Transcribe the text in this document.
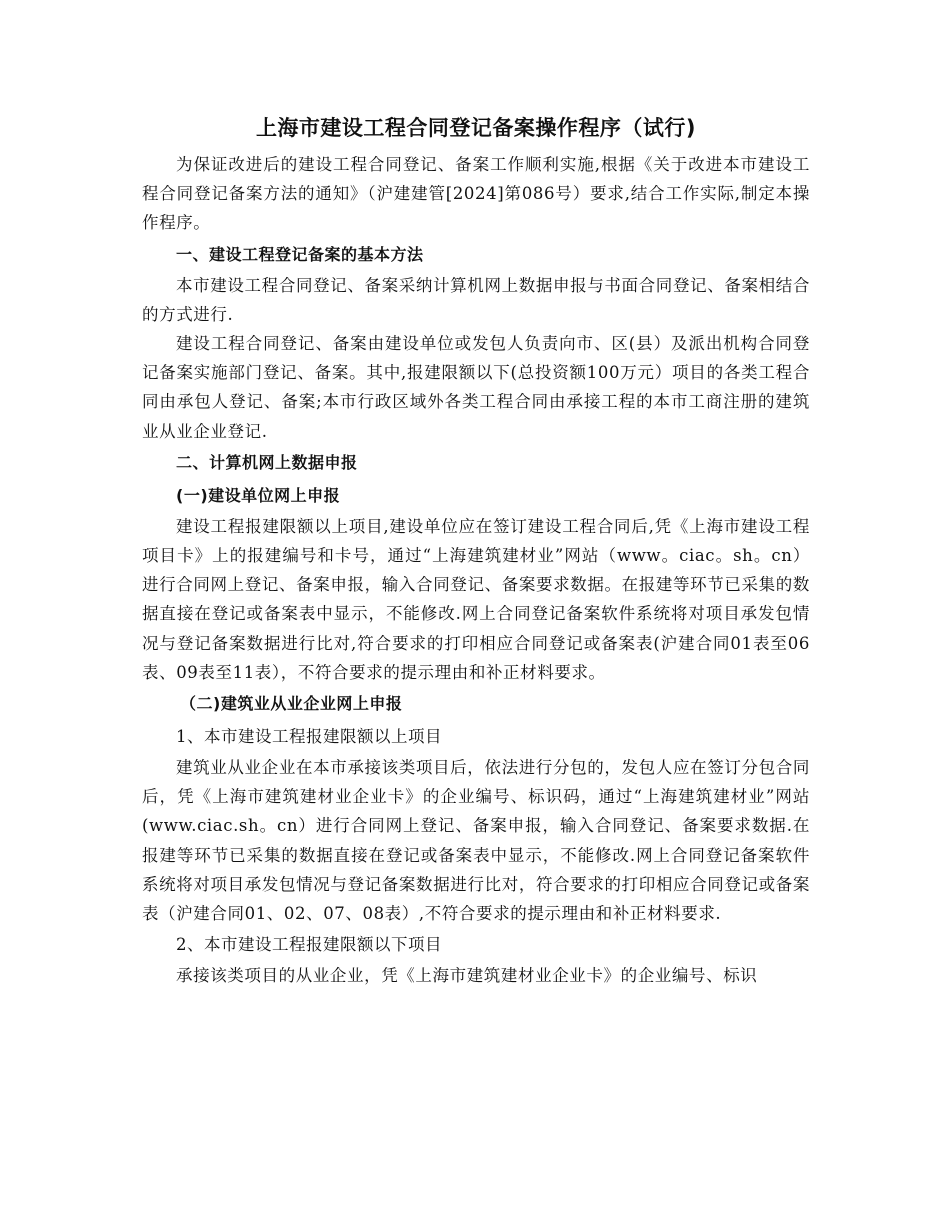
上海市建设工程合同登记备案操作程序（试行)

为保证改进后的建设工程合同登记、备案工作顺利实施,根据《关于改进本市建设工程合同登记备案方法的通知》（沪建建管[2024]第086号）要求,结合工作实际,制定本操作程序。

一、建设工程登记备案的基本方法

本市建设工程合同登记、备案采纳计算机网上数据申报与书面合同登记、备案相结合的方式进行.

建设工程合同登记、备案由建设单位或发包人负责向市、区(县）及派出机构合同登记备案实施部门登记、备案。其中,报建限额以下(总投资额100万元）项目的各类工程合同由承包人登记、备案;本市行政区域外各类工程合同由承接工程的本市工商注册的建筑业从业企业登记.

二、计算机网上数据申报

(一)建设单位网上申报

建设工程报建限额以上项目,建设单位应在签订建设工程合同后,凭《上海市建设工程项目卡》上的报建编号和卡号，通过“上海建筑建材业”网站（www。ciac。sh。cn）进行合同网上登记、备案申报，输入合同登记、备案要求数据。在报建等环节已采集的数据直接在登记或备案表中显示，不能修改.网上合同登记备案软件系统将对项目承发包情况与登记备案数据进行比对,符合要求的打印相应合同登记或备案表(沪建合同01表至06表、09表至11表），不符合要求的提示理由和补正材料要求。

（二)建筑业从业企业网上申报

1、本市建设工程报建限额以上项目

建筑业从业企业在本市承接该类项目后，依法进行分包的，发包人应在签订分包合同后，凭《上海市建筑建材业企业卡》的企业编号、标识码，通过“上海建筑建材业”网站(www.ciac.sh。cn）进行合同网上登记、备案申报，输入合同登记、备案要求数据.在报建等环节已采集的数据直接在登记或备案表中显示，不能修改.网上合同登记备案软件系统将对项目承发包情况与登记备案数据进行比对，符合要求的打印相应合同登记或备案表（沪建合同01、02、07、08表）,不符合要求的提示理由和补正材料要求.

2、本市建设工程报建限额以下项目

承接该类项目的从业企业，凭《上海市建筑建材业企业卡》的企业编号、标识
